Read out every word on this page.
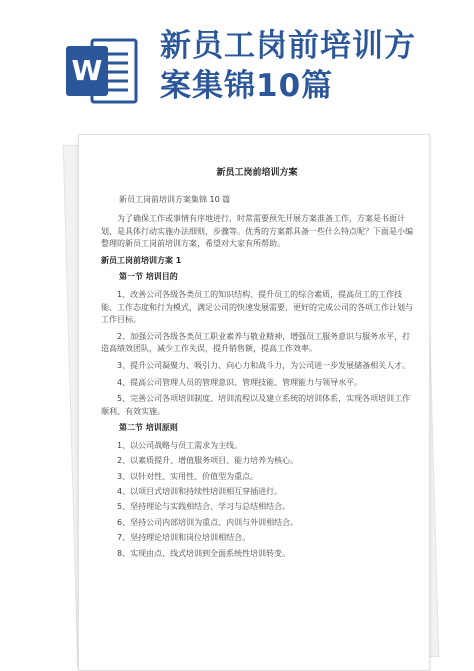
W
新员工岗前培训方
案集锦10篇
新员工岗前培训方案
新员工岗前培训方案集锦 10 篇

为了确保工作或事情有序地进行，时常需要预先开展方案准备工作，方案是书面计划，是具体行动实施办法细则，步骤等。优秀的方案都具备一些什么特点呢？下面是小编整理的新员工岗前培训方案，希望对大家有所帮助。

新员工岗前培训方案 1
第一节 培训目的

1、改善公司各级各类员工的知识结构、提升员工的综合素质，提高员工的工作技能、工作态度和行为模式，满足公司的快速发展需要，更好的完成公司的各项工作计划与工作目标。

2、加强公司各级各类员工职业素养与敬业精神，增强员工服务意识与服务水平，打造高绩效团队，减少工作失误，提升销售额，提高工作效率。

3、提升公司凝聚力、吸引力、向心力和战斗力，为公司进一步发展储备相关人才。

4、提高公司管理人员的管理意识、管理技能、管理能力与领导水平。

5、完善公司各项培训制度、培训流程以及建立系统的培训体系，实现各项培训工作顺利、有效实施。

第二节 培训原则
1、以公司战略与员工需求为主线。
2、以素质提升、增值服务项目、能力培养为核心。
3、以针对性、实用性、价值型为重点。
4、以项目式培训和持续性培训相互穿插进行。
5、坚持理论与实践相结合、学习与总结相结合。
6、坚持公司内部培训为重点、内训与外训相结合。
7、坚持理论培训和岗位培训相结合。
8、实现由点、线式培训到全面系统性培训转变。
